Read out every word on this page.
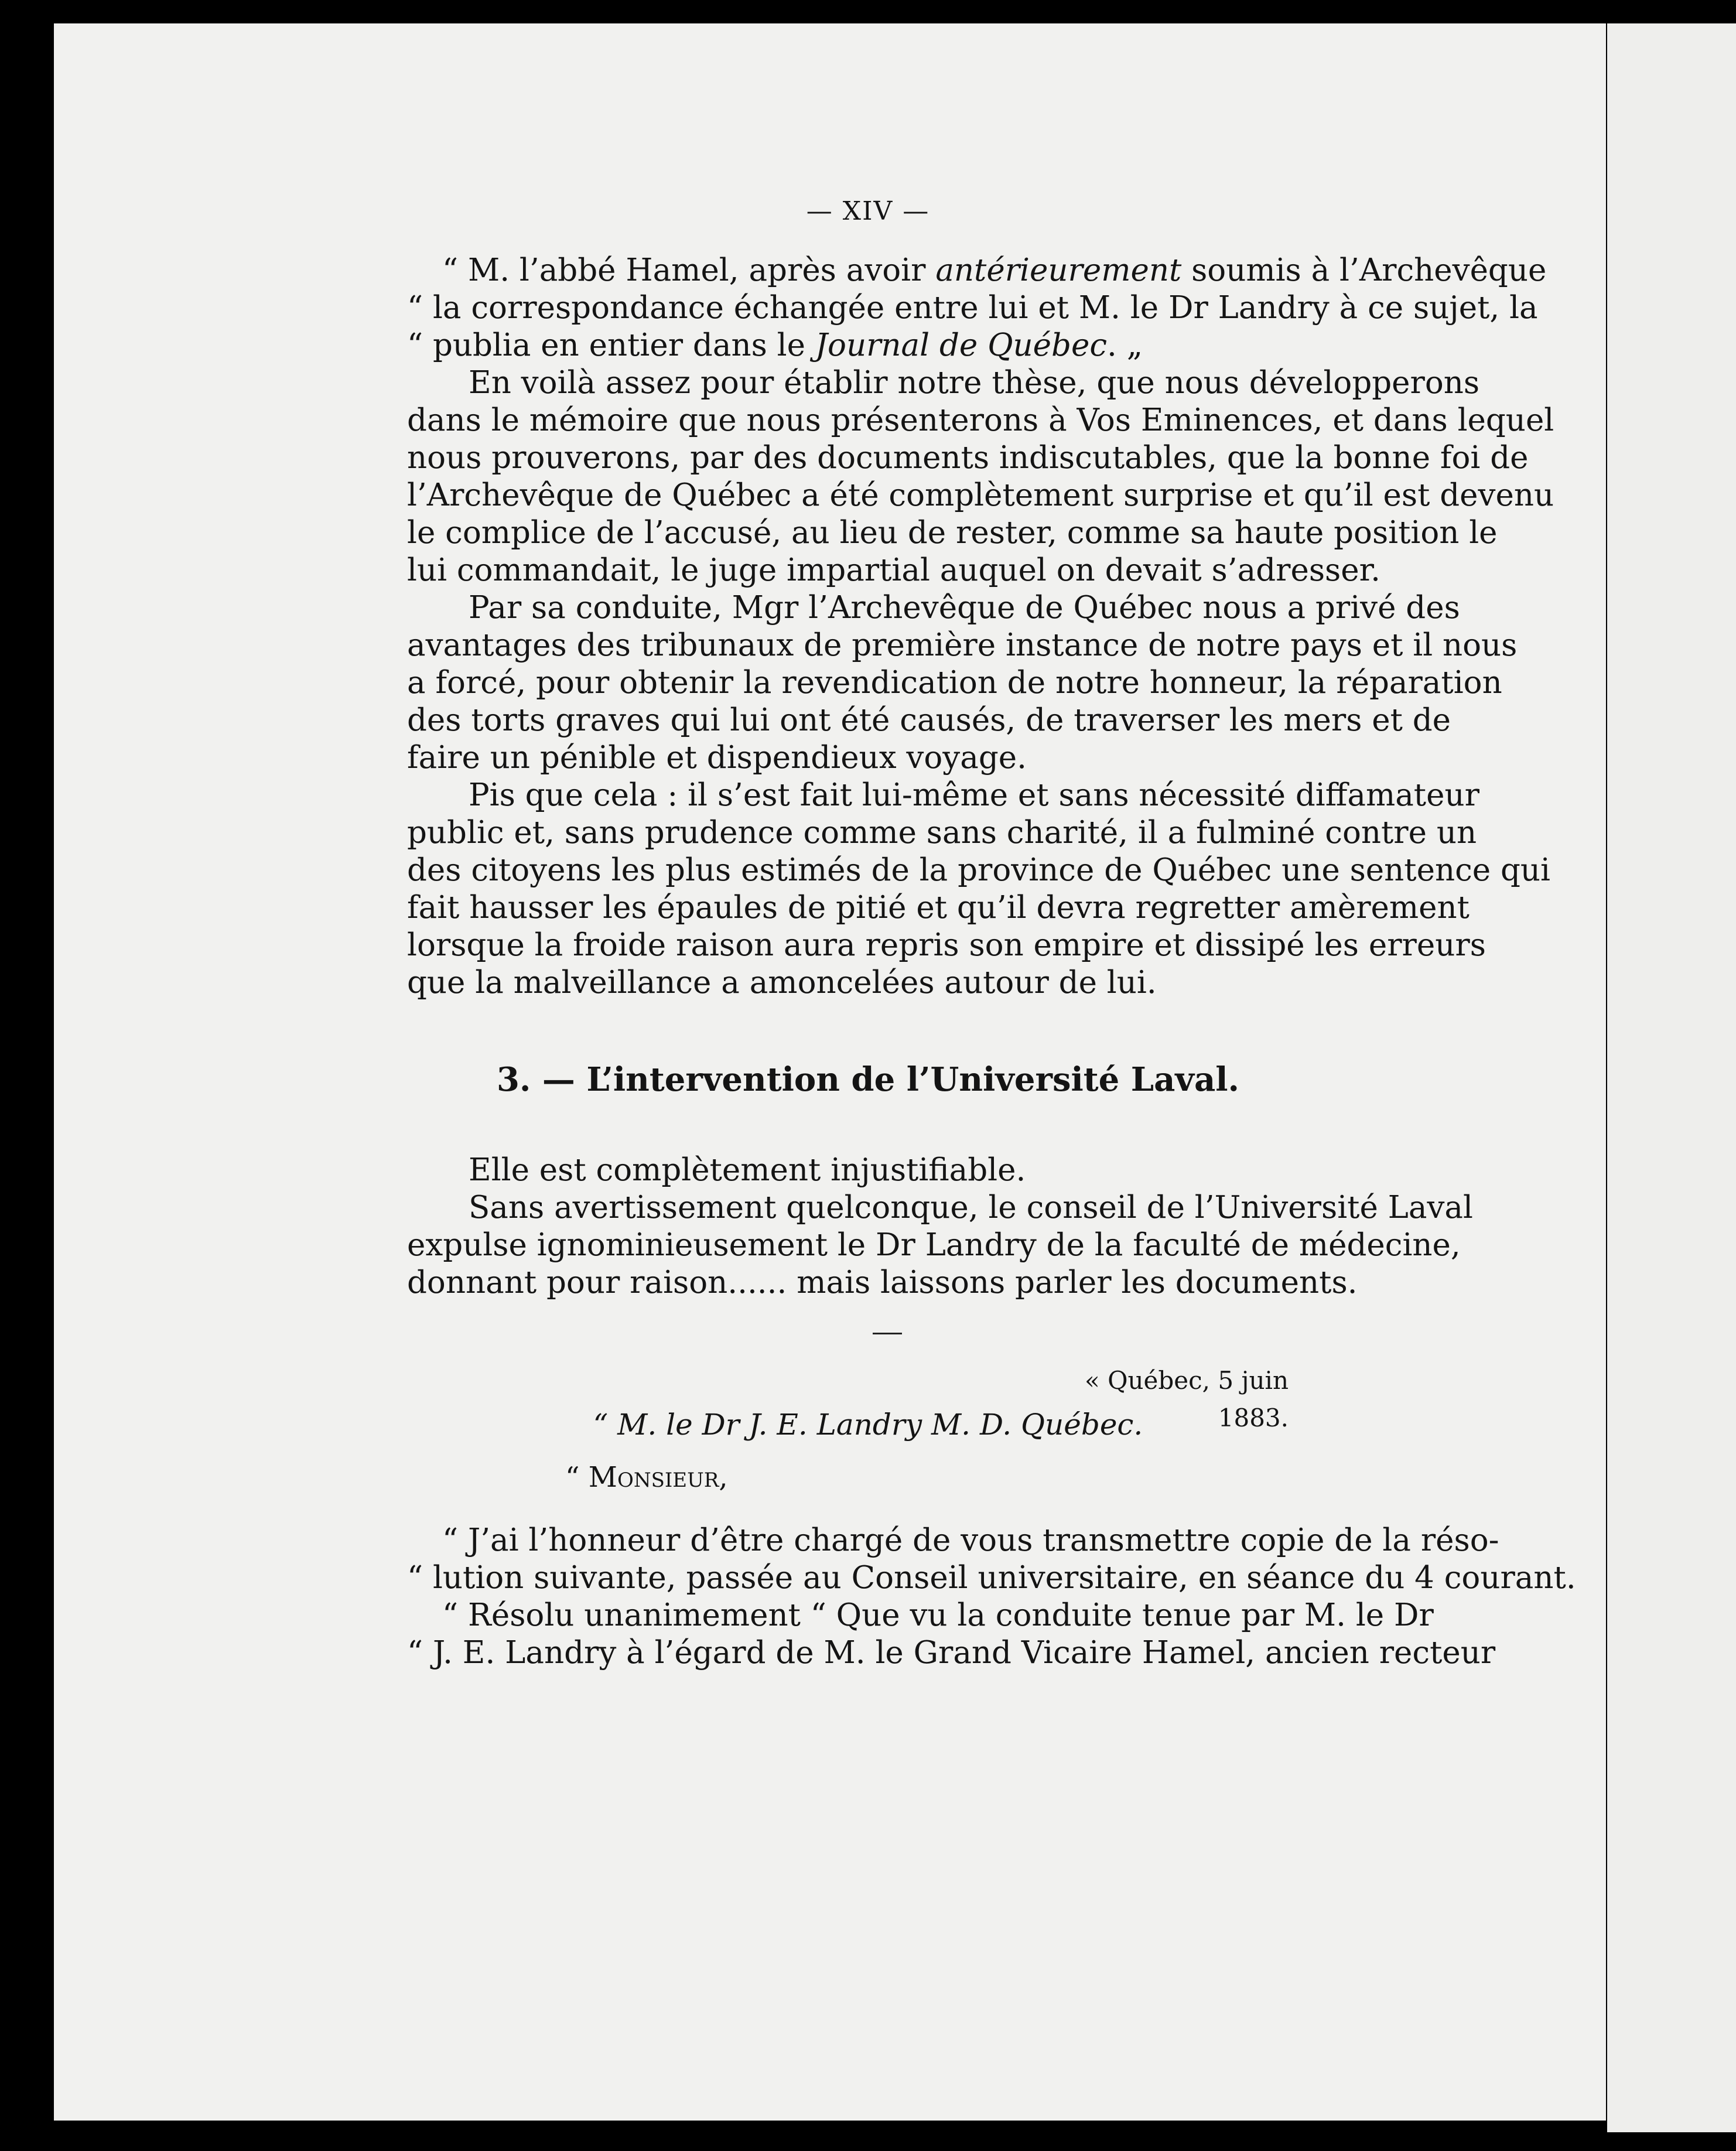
— XIV —
“ M. l’abbé Hamel, après avoir antérieurement soumis à l’Archevêque
“ la correspondance échangée entre lui et M. le Dr Landry à ce sujet, la
“ publia en entier dans le Journal de Québec. „
En voilà assez pour établir notre thèse, que nous développerons
dans le mémoire que nous présenterons à Vos Eminences, et dans lequel
nous prouverons, par des documents indiscutables, que la bonne foi de
l’Archevêque de Québec a été complètement surprise et qu’il est devenu
le complice de l’accusé, au lieu de rester, comme sa haute position le
lui commandait, le juge impartial auquel on devait s’adresser.
Par sa conduite, Mgr l’Archevêque de Québec nous a privé des
avantages des tribunaux de première instance de notre pays et il nous
a forcé, pour obtenir la revendication de notre honneur, la réparation
des torts graves qui lui ont été causés, de traverser les mers et de
faire un pénible et dispendieux voyage.
Pis que cela : il s’est fait lui-même et sans nécessité diffamateur
public et, sans prudence comme sans charité, il a fulminé contre un
des citoyens les plus estimés de la province de Québec une sentence qui
fait hausser les épaules de pitié et qu’il devra regretter amèrement
lorsque la froide raison aura repris son empire et dissipé les erreurs
que la malveillance a amoncelées autour de lui.
3. — L’intervention de l’Université Laval.
Elle est complètement injustifiable.
Sans avertissement quelconque, le conseil de l’Université Laval
expulse ignominieusement le Dr Landry de la faculté de médecine,
donnant pour raison...... mais laissons parler les documents.
« Québec, 5 juin 1883.
“ M. le Dr J. E. Landry M. D. Québec.
“ Monsieur,
“ J’ai l’honneur d’être chargé de vous transmettre copie de la réso-
“ lution suivante, passée au Conseil universitaire, en séance du 4 courant.
“ Résolu unanimement “ Que vu la conduite tenue par M. le Dr
“ J. E. Landry à l’égard de M. le Grand Vicaire Hamel, ancien recteur
